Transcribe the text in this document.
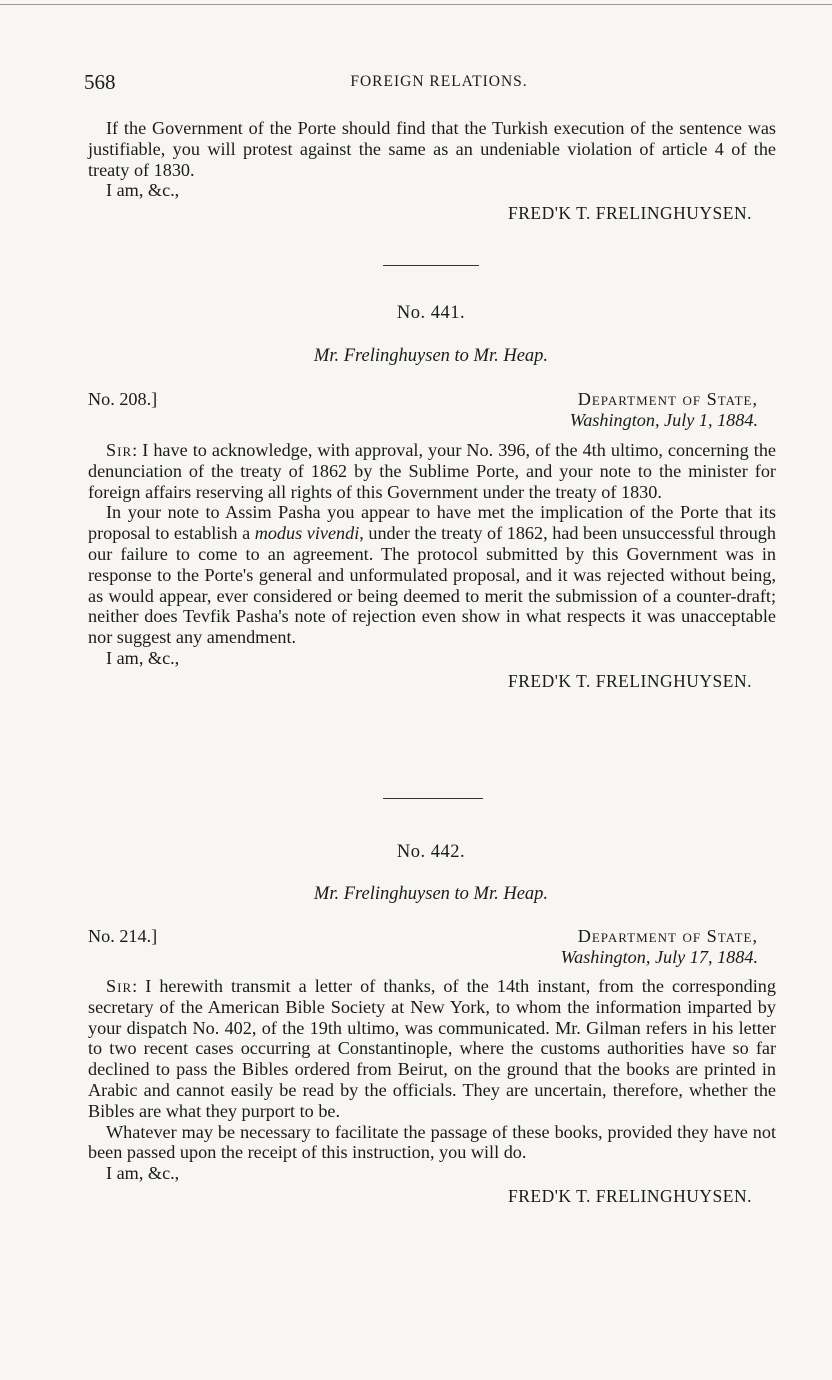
568	FOREIGN RELATIONS.

If the Government of the Porte should find that the Turkish execution of the sentence was justifiable, you will protest against the same as an undeniable violation of article 4 of the treaty of 1830.

I am, &c.,

FRED'K T. FRELINGHUYSEN.
No. 441.
Mr. Frelinghuysen to Mr. Heap.
No. 208.]	Department of State,
Washington, July 1, 1884.

Sir: I have to acknowledge, with approval, your No. 396, of the 4th ultimo, concerning the denunciation of the treaty of 1862 by the Sublime Porte, and your note to the minister for foreign affairs reserving all rights of this Government under the treaty of 1830.

In your note to Assim Pasha you appear to have met the implication of the Porte that its proposal to establish a modus vivendi, under the treaty of 1862, had been unsuccessful through our failure to come to an agreement. The protocol submitted by this Government was in response to the Porte's general and unformulated proposal, and it was rejected without being, as would appear, ever considered or being deemed to merit the submission of a counter-draft; neither does Tevfik Pasha's note of rejection even show in what respects it was unacceptable nor suggest any amendment.

I am, &c.,

FRED'K T. FRELINGHUYSEN.
No. 442.
Mr. Frelinghuysen to Mr. Heap.
No. 214.]	Department of State,
Washington, July 17, 1884.

Sir: I herewith transmit a letter of thanks, of the 14th instant, from the corresponding secretary of the American Bible Society at New York, to whom the information imparted by your dispatch No. 402, of the 19th ultimo, was communicated. Mr. Gilman refers in his letter to two recent cases occurring at Constantinople, where the customs authorities have so far declined to pass the Bibles ordered from Beirut, on the ground that the books are printed in Arabic and cannot easily be read by the officials. They are uncertain, therefore, whether the Bibles are what they purport to be.

Whatever may be necessary to facilitate the passage of these books, provided they have not been passed upon the receipt of this instruction, you will do.

I am, &c.,

FRED'K T. FRELINGHUYSEN.
